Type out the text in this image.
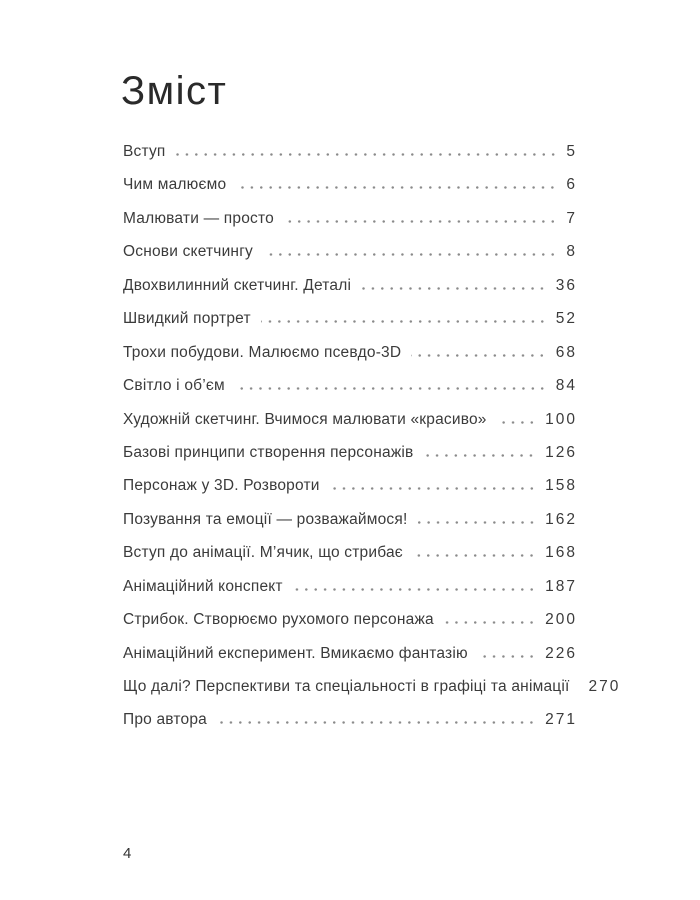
Зміст
Вступ	5
Чим малюємо	6
Малювати — просто	7
Основи скетчингу	8
Двохвилинний скетчинг. Деталі	36
Швидкий портрет	52
Трохи побудови. Малюємо псевдо-3D	68
Світло і об’єм	84
Художній скетчинг. Вчимося малювати «красиво»	100
Базові принципи створення персонажів	126
Персонаж у 3D. Розвороти	158
Позування та емоції — розважаймося!	162
Вступ до анімації. М’ячик, що стрибає	168
Анімаційний конспект	187
Стрибок. Створюємо рухомого персонажа	200
Анімаційний експеримент. Вмикаємо фантазію	226
Що далі? Перспективи та спеціальності в графіці та анімації 270
Про автора	271
4
